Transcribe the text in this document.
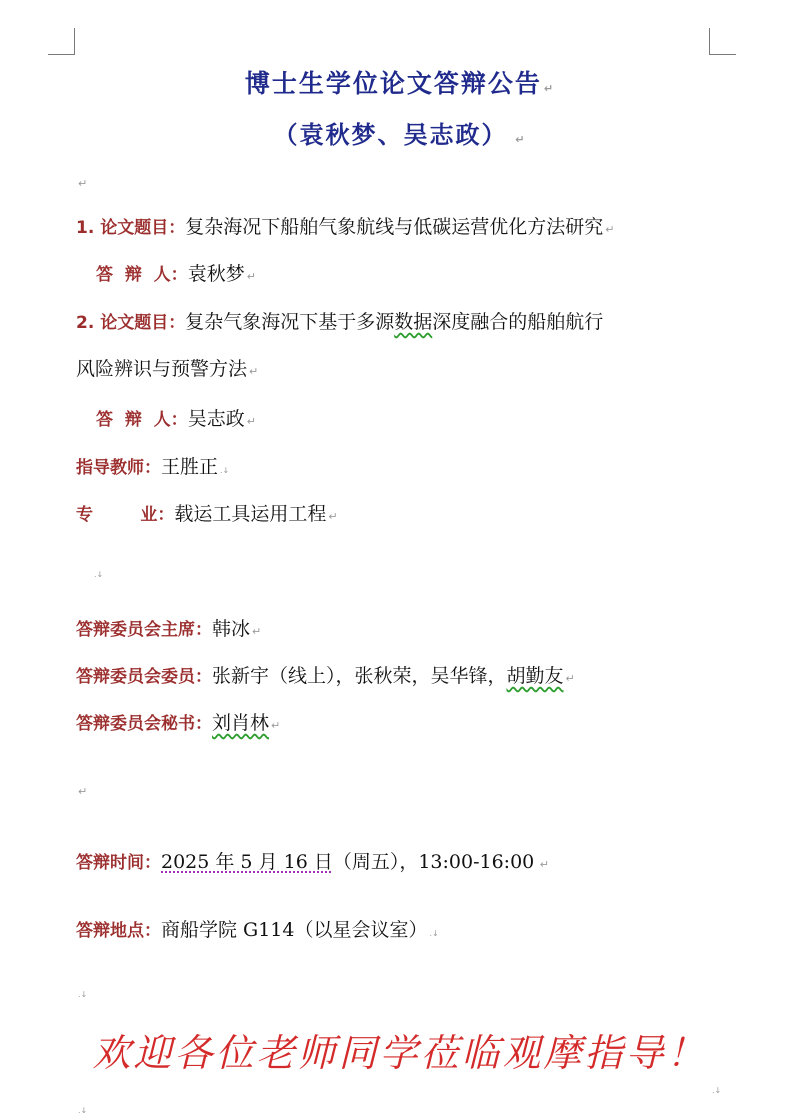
博士生学位论文答辩公告 ↵
（袁秋梦、吴志政） ↵
↵
1. 论文题目：复杂海况下船舶气象航线与低碳运营优化方法研究 ↵
答  辩  人：袁秋梦 ↵
2. 论文题目：复杂气象海况下基于多源数据深度融合的船舶航行
风险辨识与预警方法 ↵
答  辩  人：吴志政 ↵
指导教师：王胜正 .↓
专        业：载运工具运用工程 ↵
.↓
答辩委员会主席：韩冰 ↵
答辩委员会委员：张新宇（线上），张秋荣，吴华锋，胡勤友 ↵
答辩委员会秘书：刘肖林 ↵
↵
答辩时间：2025 年 5 月 16 日（周五），13:00-16:00 ↵
答辩地点：商船学院 G114（以星会议室） .↓
.↓
欢迎各位老师同学莅临观摩指导！
.↓
.↓
